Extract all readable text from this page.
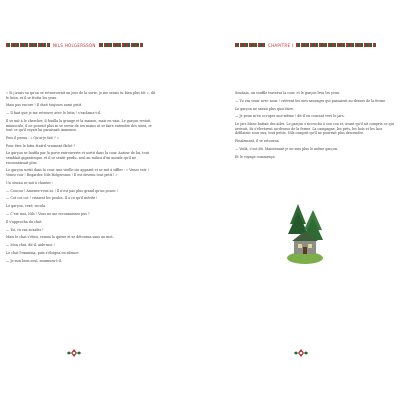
NILS HOLGERSSON

« Si j'avais su qu'on se retrouverait un jour de la sorte, je me serais tu bien plus tôt », dit le lutin, et il se frotta les yeux.

Mais pas encore ! Il était toujours aussi petit.

— Il faut que je me retrouve avec le lutin ! s'exclama-t-il.

Il se mit à le chercher, il fouilla la grange et la maison, mais en vain. Le garçon restait minuscule, il ne pouvait plus ni se servir de ses mains ni se faire entendre des siens, et tout ce qu'il voyait lui paraissait immense.

Puis il pensa : « Qu'ai-je fait ? »

Pour être le lutin était-il vraiment fâché ?

Le garçon se faufila par la porte entrouverte et sortit dans la cour. Autour de lui, tout semblait gigantesque, et il se sentit perdu, seul au milieu d'un monde qu'il ne reconnaissait plus.

Le garçon sortit dans la cour, une vieille oie apparut et se mit à siffler : « Venez voir ! Venez voir ! Regardez Nils Holgersson ! Il est devenu tout petit ! »

Un oiseau se mit à chanter :

— Coucou ! Amenez-vous ici ! Il n'est pas plus grand qu'un pouce !

— Cot cot cot ! criaient les poules. Il a ce qu'il mérite !

Le garçon, vexé, recula.

— C'est moi, Nils ! Vous ne me reconnaissez pas ?

Il s'approcha du chat.

— Toi, tu vas m'aider !

Mais le chat s'étira, remua la queue et se détourna sans un mot.

— Mon chat, dit-il, aide-moi !

Le chat l'examina, puis s'éloigna en silence.

— Je suis bien seul, murmura-t-il.

CHAPITRE I

Soudain, un souffle traversa la cour, et le garçon leva les yeux.

— Tu vas venir avec nous ! crièrent les oies sauvages qui passaient au-dessus de la ferme.

Le garçon ne savait plus quoi faire.

— Je peux m'en occuper moi-même ! dit-il en courant vers le jars.

Le jars blanc battait des ailes. Le garçon s'accrocha à son cou et, avant qu'il ait compris ce qui arrivait, ils s'élevèrent au-dessus de la ferme. La campagne, les prés, les bois et les lacs défilaient sous eux, tout petits. Nils comprit qu'il ne pourrait plus descendre.

Finalement, il se retourna.

— Voilà, c'est dit. Maintenant je ne suis plus le même garçon.

Et le voyage commença.
